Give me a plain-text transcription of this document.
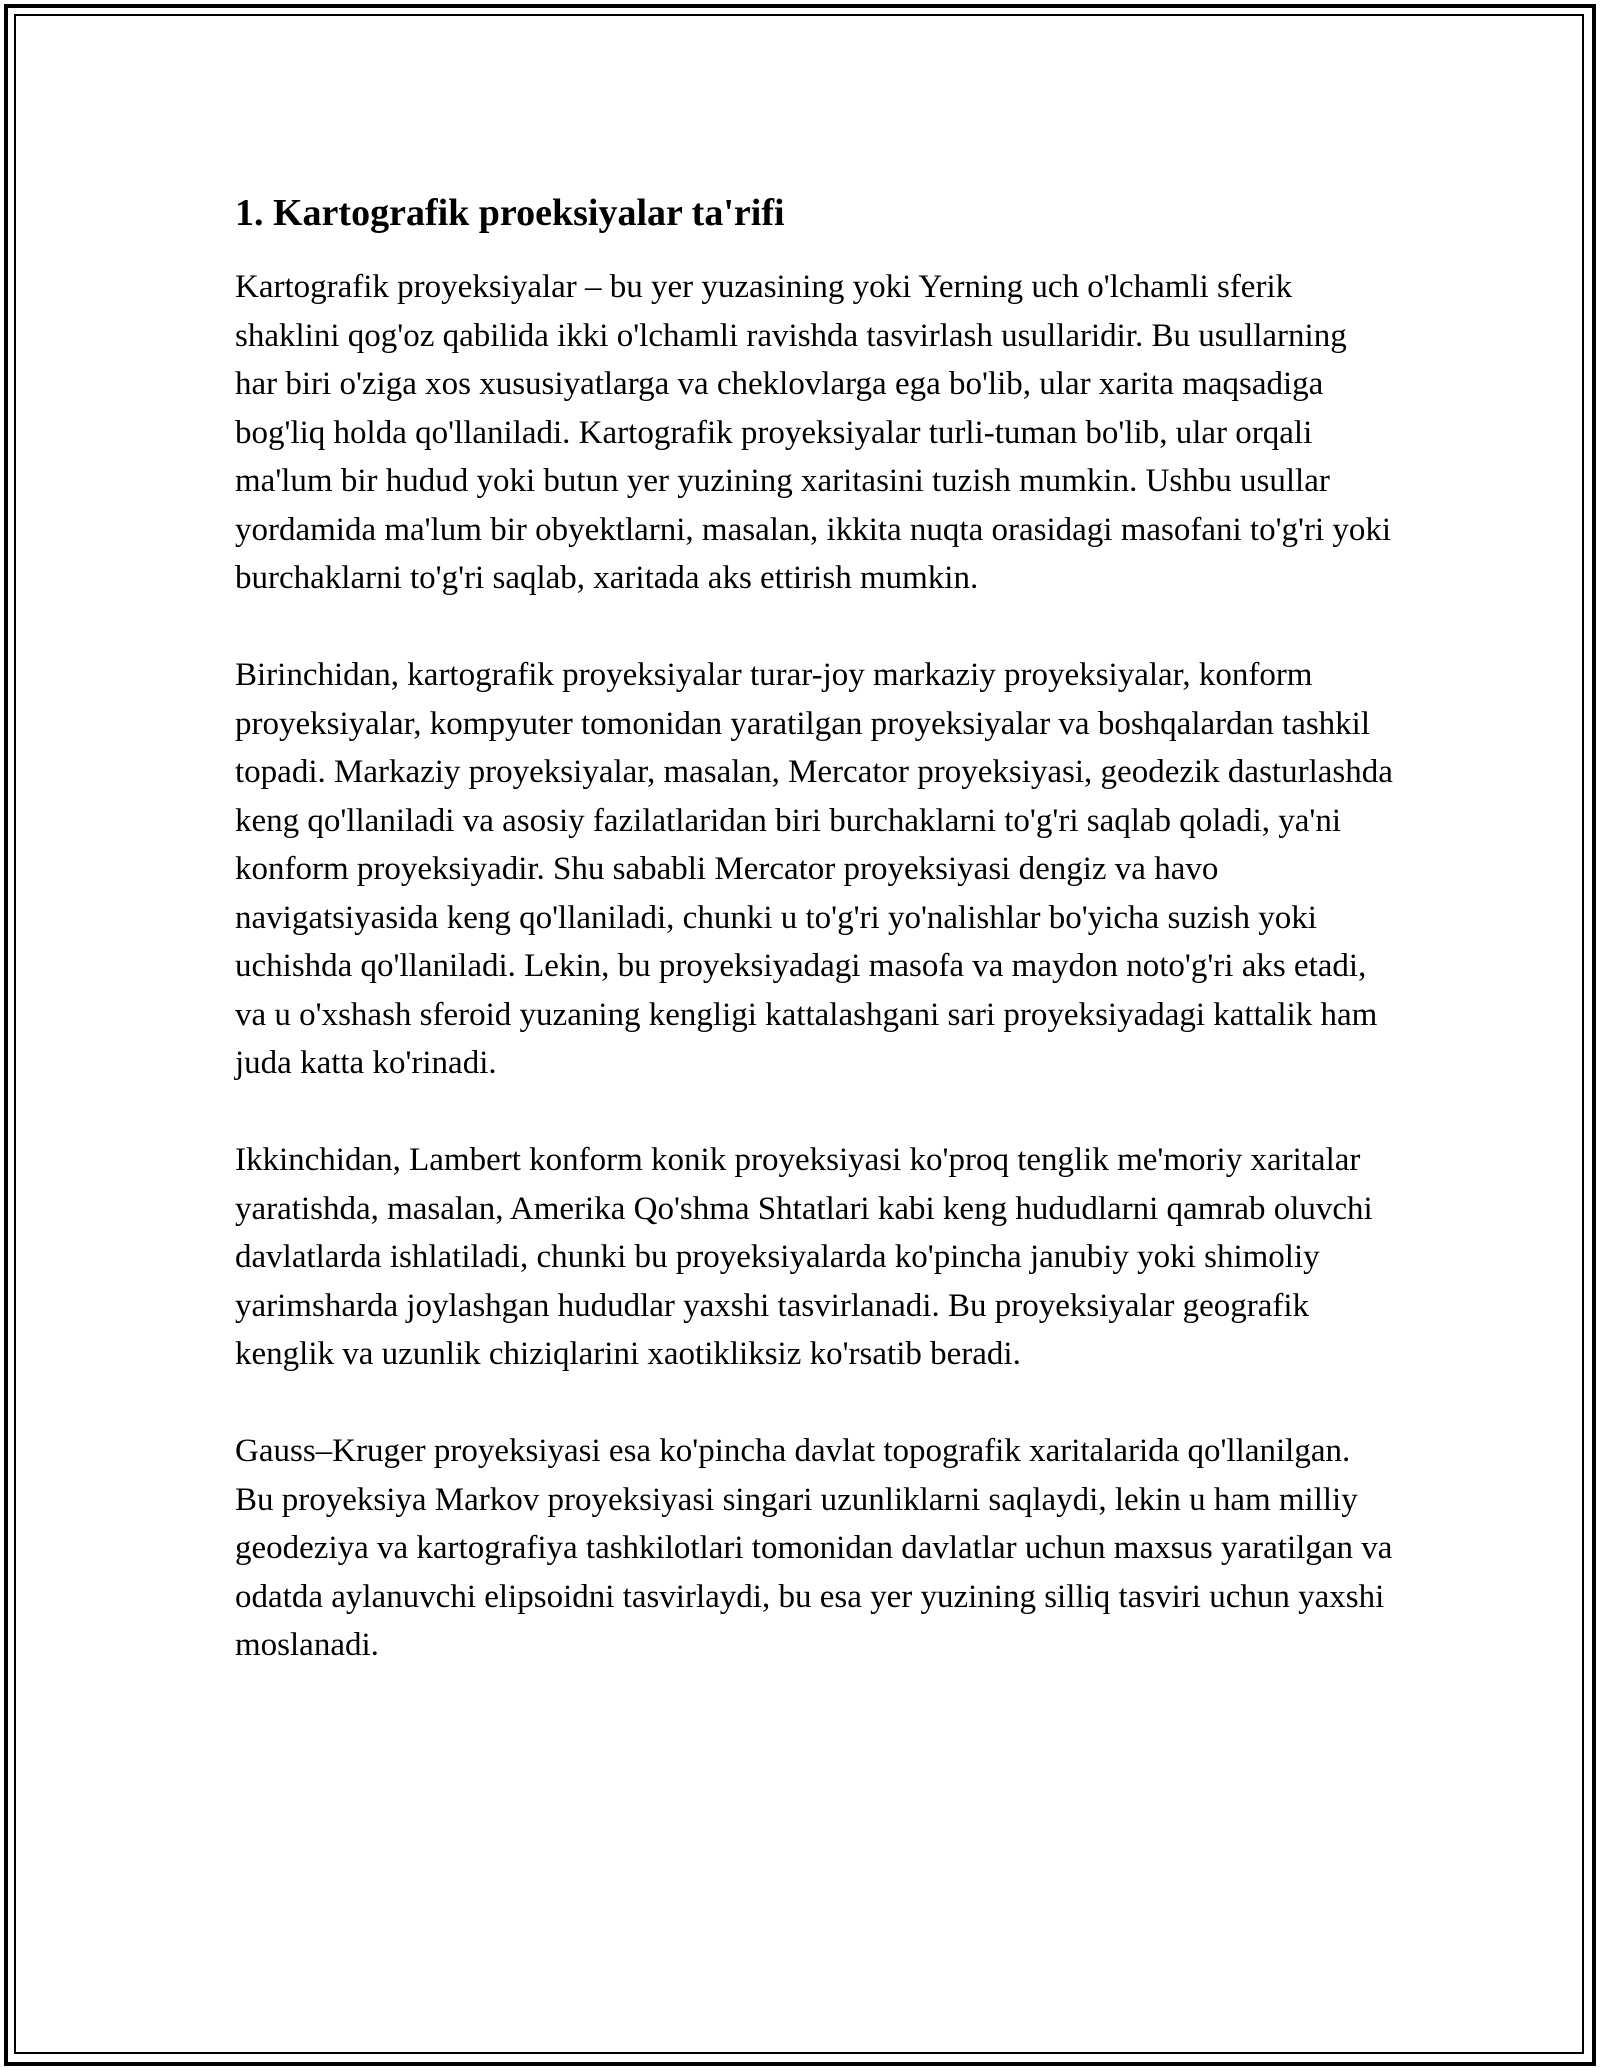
1. Kartografik proeksiyalar ta'rifi

Kartografik proyeksiyalar – bu yer yuzasining yoki Yerning uch o'lchamli sferik shaklini qog'oz qabilida ikki o'lchamli ravishda tasvirlash usullaridir. Bu usullarning har biri o'ziga xos xususiyatlarga va cheklovlarga ega bo'lib, ular xarita maqsadiga bog'liq holda qo'llaniladi. Kartografik proyeksiyalar turli-tuman bo'lib, ular orqali ma'lum bir hudud yoki butun yer yuzining xaritasini tuzish mumkin. Ushbu usullar yordamida ma'lum bir obyektlarni, masalan, ikkita nuqta orasidagi masofani to'g'ri yoki burchaklarni to'g'ri saqlab, xaritada aks ettirish mumkin.

Birinchidan, kartografik proyeksiyalar turar-joy markaziy proyeksiyalar, konform proyeksiyalar, kompyuter tomonidan yaratilgan proyeksiyalar va boshqalardan tashkil topadi. Markaziy proyeksiyalar, masalan, Mercator proyeksiyasi, geodezik dasturlashda keng qo'llaniladi va asosiy fazilatlaridan biri burchaklarni to'g'ri saqlab qoladi, ya'ni konform proyeksiyadir. Shu sababli Mercator proyeksiyasi dengiz va havo navigatsiyasida keng qo'llaniladi, chunki u to'g'ri yo'nalishlar bo'yicha suzish yoki uchishda qo'llaniladi. Lekin, bu proyeksiyadagi masofa va maydon noto'g'ri aks etadi, va u o'xshash sferoid yuzaning kengligi kattalashgani sari proyeksiyadagi kattalik ham juda katta ko'rinadi.

Ikkinchidan, Lambert konform konik proyeksiyasi ko'proq tenglik me'moriy xaritalar yaratishda, masalan, Amerika Qo'shma Shtatlari kabi keng hududlarni qamrab oluvchi davlatlarda ishlatiladi, chunki bu proyeksiyalarda ko'pincha janubiy yoki shimoliy yarimsharda joylashgan hududlar yaxshi tasvirlanadi. Bu proyeksiyalar geografik kenglik va uzunlik chiziqlarini xaotikliksiz ko'rsatib beradi.

Gauss–Kruger proyeksiyasi esa ko'pincha davlat topografik xaritalarida qo'llanilgan. Bu proyeksiya Markov proyeksiyasi singari uzunliklarni saqlaydi, lekin u ham milliy geodeziya va kartografiya tashkilotlari tomonidan davlatlar uchun maxsus yaratilgan va odatda aylanuvchi elipsoidni tasvirlaydi, bu esa yer yuzining silliq tasviri uchun yaxshi moslanadi.
